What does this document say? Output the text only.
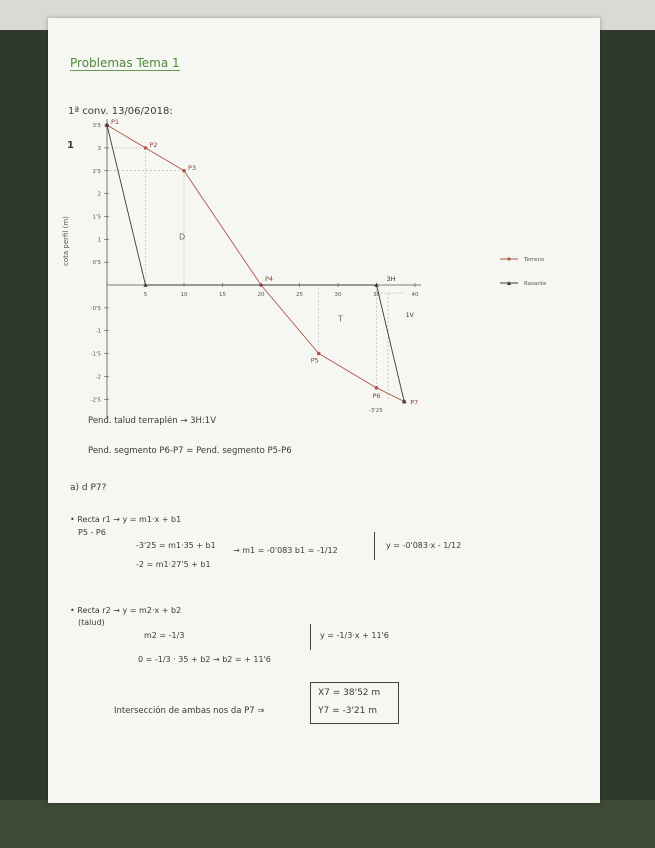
Problemas Tema 1
1ª conv. 13/06/2018:
1
3'5
3
2'5
2
1'5
1
0'5
-0'5
-1
-1'5
-2
-2'5
5	10	15	20	25	30	35	40
P1
P2
P3
P4
P5
P6
P7
D
T
3H
1V
-3'25
Terreno
Rasante
cota perfil (m)
Pend. talud terraplén → 3H:1V
Pend. segmento P6-P7 = Pend. segmento P5-P6
a) d P7?
• Recta r1 → y = m1·x + b1
P5 - P6
-3'25 = m1·35 + b1
-2 = m1·27'5 + b1
→ m1 = -0'083 b1 = -1/12
y = -0'083·x - 1/12
• Recta r2 → y = m2·x + b2
(talud)
m2 = -1/3
0 = -1/3 · 35 + b2 → b2 = + 11'6
y = -1/3·x + 11'6
Intersección de ambas nos da P7 ⇒
X7 = 38'52 m
Y7 = -3'21 m
